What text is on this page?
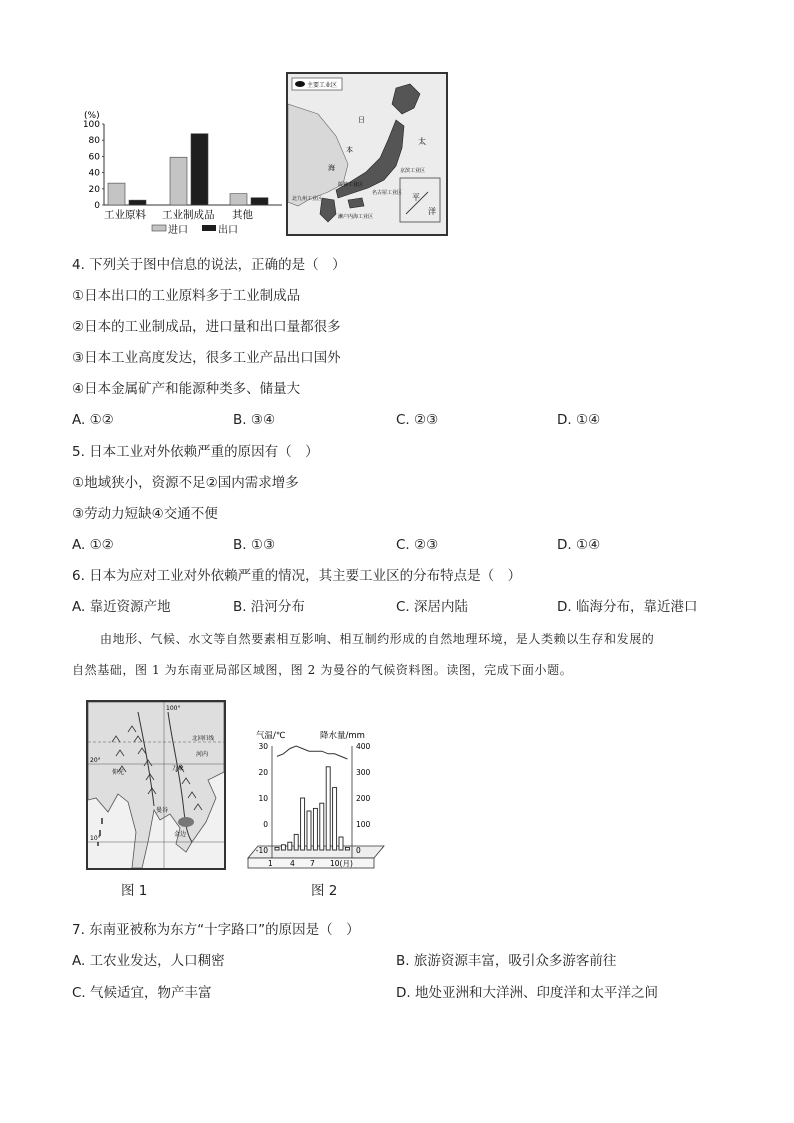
(%)
100
80
60
40
20
0
工业原料 工业制成品 其他
进口	出口
主要工业区
日
本
海
太
平
洋
京滨工业区
名古屋工业区
阪神工业区
北九州工业区
濑户内海工业区
4. 下列关于图中信息的说法，正确的是（　）
①日本出口的工业原料多于工业制成品
②日本的工业制成品，进口量和出口量都很多
③日本工业高度发达，很多工业产品出口国外
④日本金属矿产和能源种类多、储量大
A. ①②	B. ③④	C. ②③	D. ①④
5. 日本工业对外依赖严重的原因有（　）
①地域狭小，资源不足②国内需求增多
③劳动力短缺④交通不便
A. ①②	B. ①③	C. ②③	D. ①④
6. 日本为应对工业对外依赖严重的情况，其主要工业区的分布特点是（　）
A. 靠近资源产地	B. 沿河分布	C. 深居内陆	D. 临海分布，靠近港口
由地形、气候、水文等自然要素相互影响、相互制约形成的自然地理环境，是人类赖以生存和发展的
自然基础，图 1 为东南亚局部区域图，图 2 为曼谷的气候资料图。读图，完成下面小题。
100°
北回归线
20°
10°
河内
仰光
万象
曼谷
金边
图 1
气温/℃	降水量/mm
30
20
10
0
-10
400
300
200
100
0
1 4 7 10(月)
图 2
7. 东南亚被称为东方“十字路口”的原因是（　）
A. 工农业发达，人口稠密	B. 旅游资源丰富，吸引众多游客前往
C. 气候适宜，物产丰富	D. 地处亚洲和大洋洲、印度洋和太平洋之间
